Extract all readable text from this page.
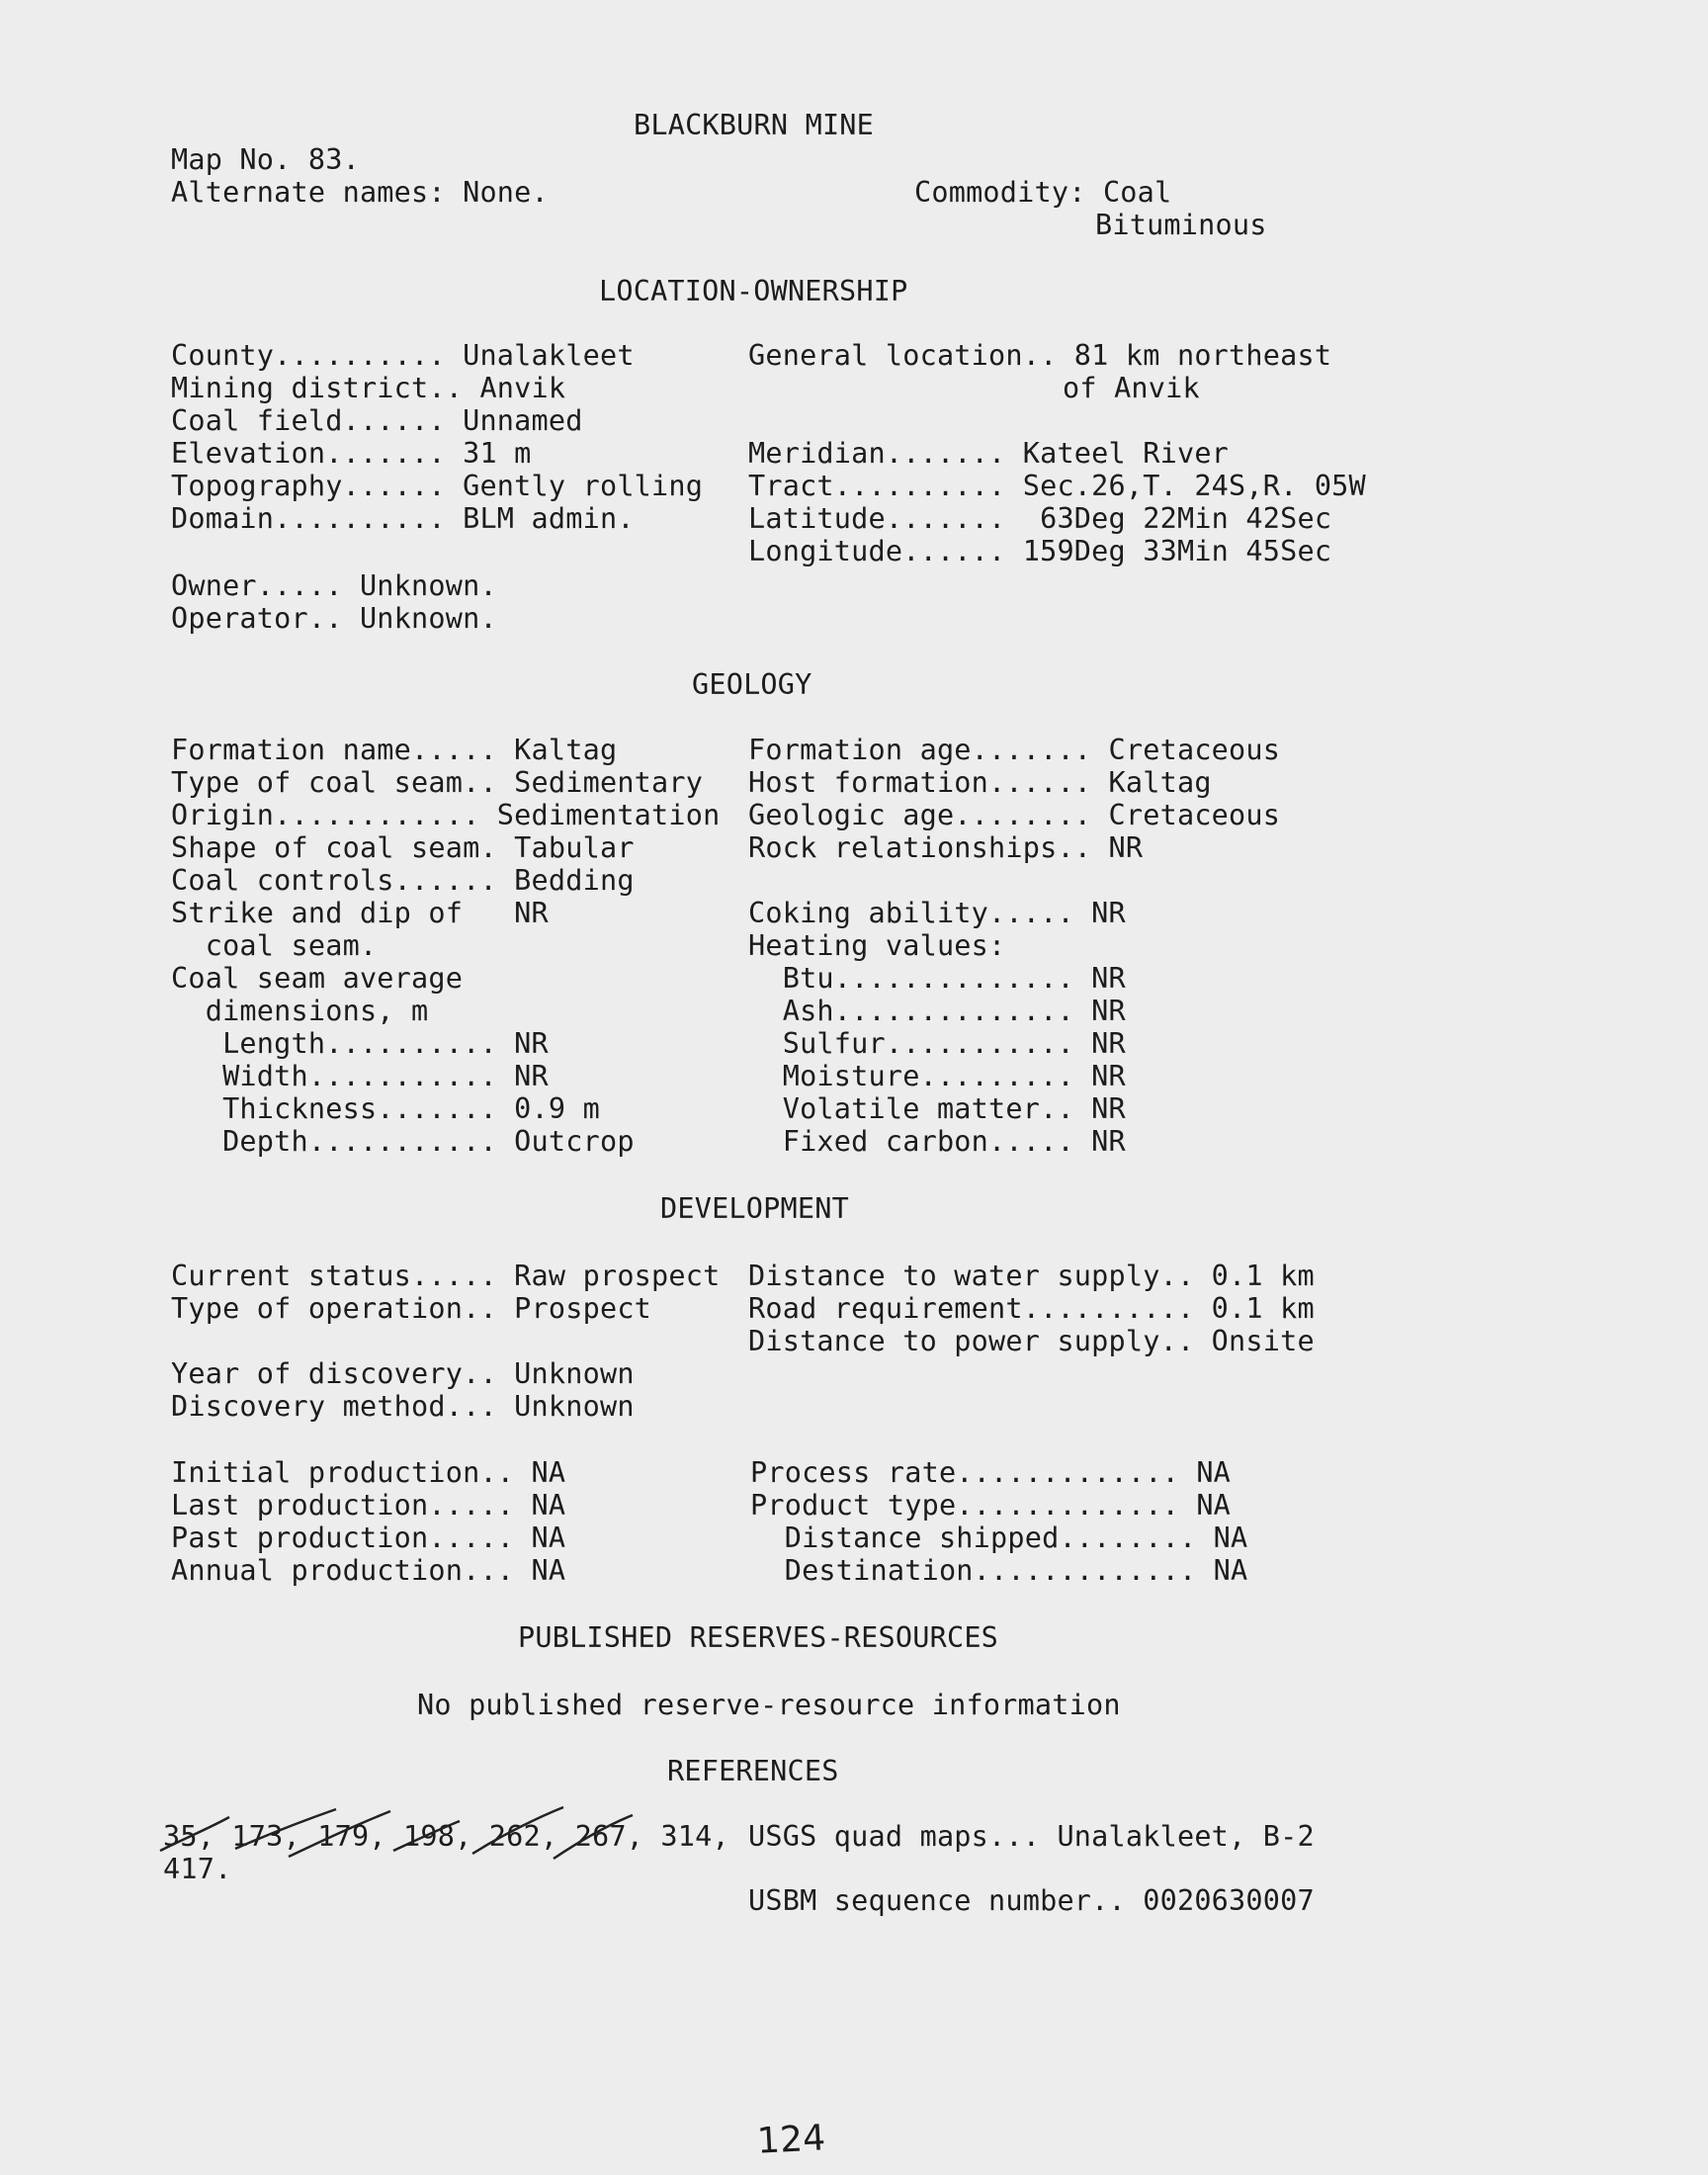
BLACKBURN MINE
Map No. 83.
Alternate names: None.	Commodity: Coal
Bituminous
LOCATION-OWNERSHIP
County.......... Unalakleet
Mining district.. Anvik
Coal field...... Unnamed
Elevation....... 31 m
Topography...... Gently rolling
Domain.......... BLM admin.
General location.. 81 km northeast
of Anvik
Meridian....... Kateel River
Tract.......... Sec.26,T. 24S,R. 05W
Latitude.......  63Deg 22Min 42Sec
Longitude...... 159Deg 33Min 45Sec
Owner..... Unknown.
Operator.. Unknown.
GEOLOGY
Formation name..... Kaltag
Type of coal seam.. Sedimentary
Origin............ Sedimentation
Shape of coal seam. Tabular
Coal controls...... Bedding
Strike and dip of   NR
coal seam.
Coal seam average
dimensions, m
Length.......... NR
Width........... NR
Thickness....... 0.9 m
Depth........... Outcrop
Formation age....... Cretaceous
Host formation...... Kaltag
Geologic age........ Cretaceous
Rock relationships.. NR
Coking ability..... NR
Heating values:
Btu.............. NR
Ash.............. NR
Sulfur........... NR
Moisture......... NR
Volatile matter.. NR
Fixed carbon..... NR
DEVELOPMENT
Current status..... Raw prospect
Type of operation.. Prospect
Distance to water supply.. 0.1 km
Road requirement.......... 0.1 km
Distance to power supply.. Onsite
Year of discovery.. Unknown
Discovery method... Unknown
Initial production.. NA
Last production..... NA
Past production..... NA
Annual production... NA
Process rate............. NA
Product type............. NA
Distance shipped........ NA
Destination............. NA
PUBLISHED RESERVES-RESOURCES
No published reserve-resource information
REFERENCES
35, 173, 179, 198, 262, 267, 314,
417.
USGS quad maps... Unalakleet, B-2
USBM sequence number.. 0020630007
124
